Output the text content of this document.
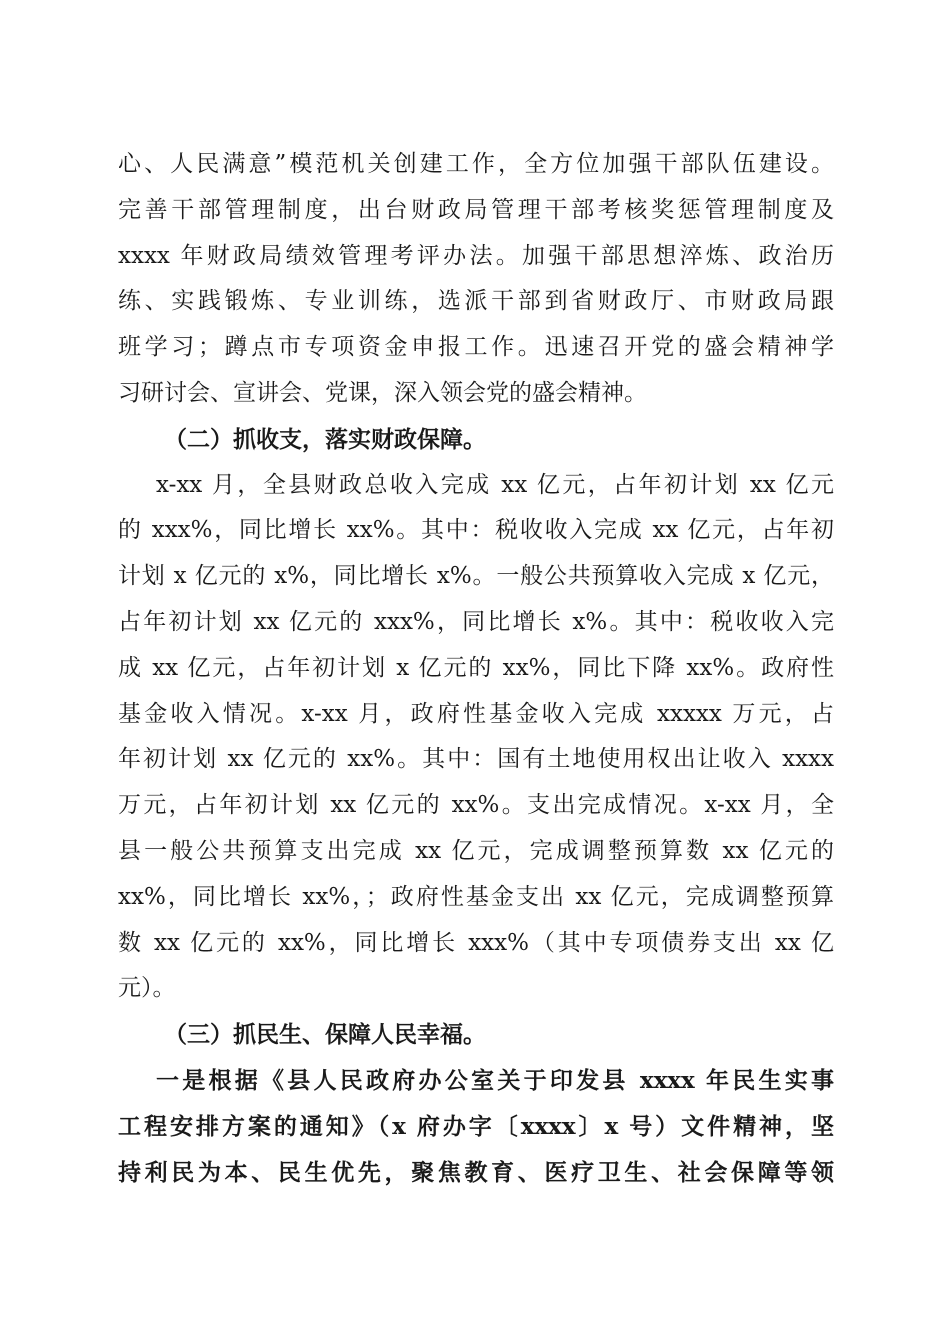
心、人民满意”模范机关创建工作，全方位加强干部队伍建设。
完善干部管理制度，出台财政局管理干部考核奖惩管理制度及
xxxx 年财政局绩效管理考评办法。加强干部思想淬炼、政治历
练、实践锻炼、专业训练，选派干部到省财政厅、市财政局跟
班学习；蹲点市专项资金申报工作。迅速召开党的盛会精神学
习研讨会、宣讲会、党课，深入领会党的盛会精神。
（二）抓收支，落实财政保障。
x-xx 月，全县财政总收入完成 xx 亿元，占年初计划 xx 亿元
的 xxx%，同比增长 xx%。其中：税收收入完成 xx 亿元，占年初
计划 x 亿元的 x%，同比增长 x%。一般公共预算收入完成 x 亿元，
占年初计划 xx 亿元的 xxx%，同比增长 x%。其中：税收收入完
成 xx 亿元，占年初计划 x 亿元的 xx%，同比下降 xx%。政府性
基金收入情况。x-xx 月，政府性基金收入完成 xxxxx 万元，占
年初计划 xx 亿元的 xx%。其中：国有土地使用权出让收入 xxxx
万元，占年初计划 xx 亿元的 xx%。支出完成情况。x-xx 月，全
县一般公共预算支出完成 xx 亿元，完成调整预算数 xx 亿元的
xx%，同比增长 xx%，；政府性基金支出 xx 亿元，完成调整预算
数 xx 亿元的 xx%，同比增长 xxx%（其中专项债券支出 xx 亿
元）。
（三）抓民生、保障人民幸福。
一是根据《县人民政府办公室关于印发县 xxxx 年民生实事
工程安排方案的通知》（x 府办字〔xxxx〕x 号）文件精神，坚
持利民为本、民生优先，聚焦教育、医疗卫生、社会保障等领
